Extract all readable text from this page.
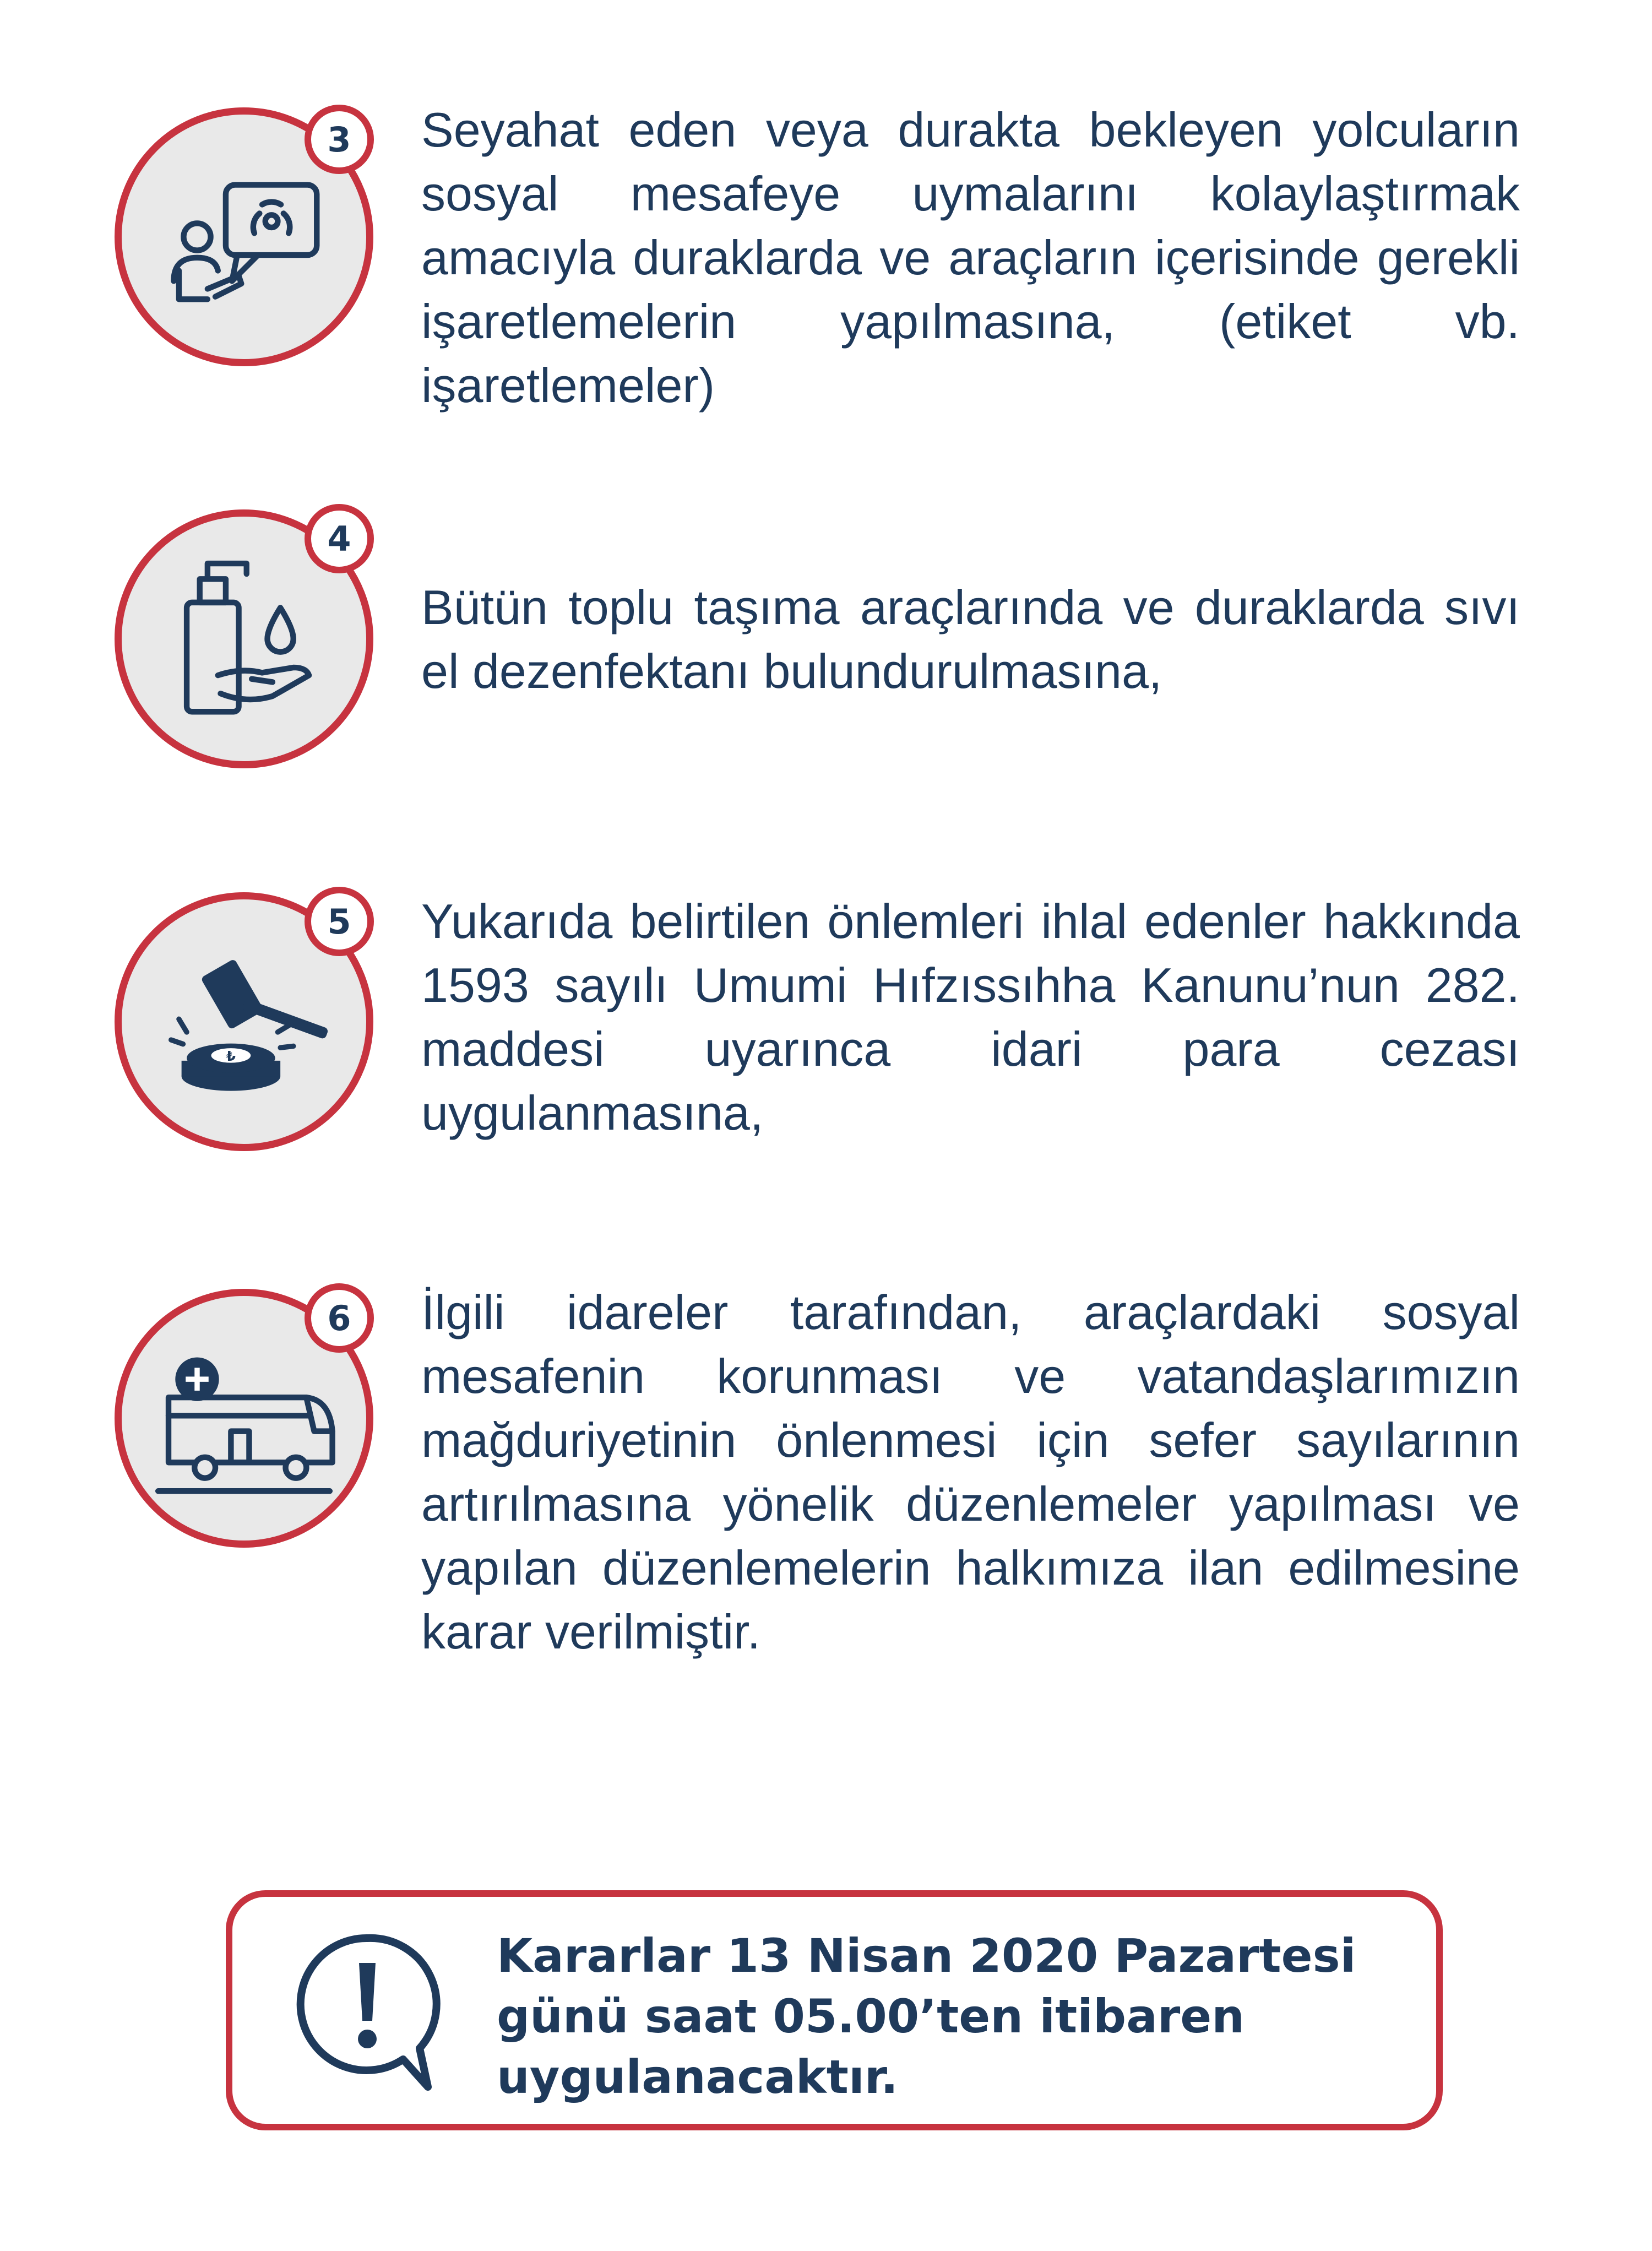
3	Seyahat eden veya durakta bekleyen yolcuların sosyal mesafeye uymalarını kolaylaştırmak amacıyla duraklarda ve araçların içerisinde gerekli işaretlemelerin yapılmasına, (etiket vb. işaretlemeler)

4

Bütün toplu taşıma araçlarında ve duraklarda sıvı el dezenfektanı bulundurulmasına,

₺
5	Yukarıda belirtilen önlemleri ihlal edenler hakkında 1593 sayılı Umumi Hıfzıssıhha Kanunu’nun 282. maddesi uyarınca idari para cezası uygulanmasına,

6	İlgili idareler tarafından, araçlardaki sosyal mesafenin korunması ve vatandaşlarımızın mağduriyetinin önlenmesi için sefer sayılarının artırılmasına yönelik düzenlemeler yapılması ve yapılan düzenlemelerin halkımıza ilan edilmesine karar verilmiştir.

Kararlar 13 Nisan 2020 Pazartesi günü saat 05.00’ten itibaren uygulanacaktır.
